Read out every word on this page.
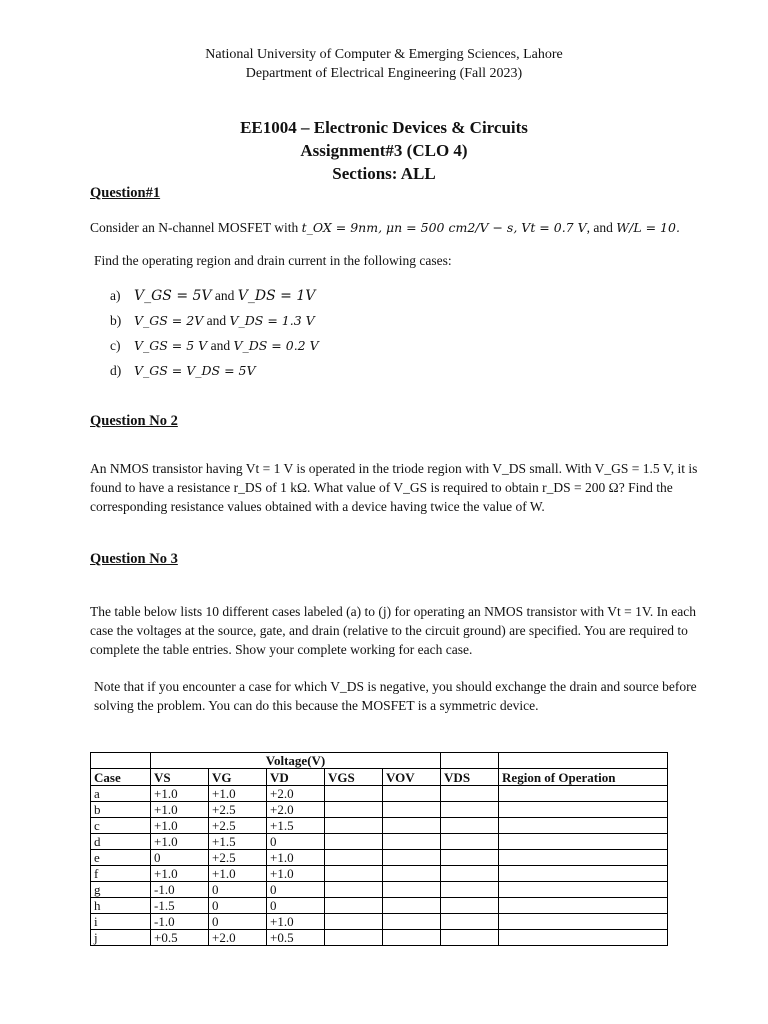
National University of Computer & Emerging Sciences, Lahore
Department of Electrical Engineering (Fall 2023)
EE1004 – Electronic Devices & Circuits
Assignment#3 (CLO 4)
Sections: ALL
Question#1
Consider an N-channel MOSFET with t_OX = 9nm, μn = 500 cm2/V − s, Vt = 0.7 V, and W/L = 10.
Find the operating region and drain current in the following cases:
a) V_GS = 5V and V_DS = 1V
b) V_GS = 2V and V_DS = 1.3 V
c) V_GS = 5 V and V_DS = 0.2 V
d) V_GS = V_DS = 5V
Question No 2
An NMOS transistor having Vt = 1 V is operated in the triode region with V_DS small. With V_GS = 1.5 V, it is found to have a resistance r_DS of 1 kΩ. What value of V_GS is required to obtain r_DS = 200 Ω? Find the corresponding resistance values obtained with a device having twice the value of W.
Question No 3
The table below lists 10 different cases labeled (a) to (j) for operating an NMOS transistor with Vt = 1V. In each case the voltages at the source, gate, and drain (relative to the circuit ground) are specified. You are required to complete the table entries. Show your complete working for each case.
Note that if you encounter a case for which V_DS is negative, you should exchange the drain and source before solving the problem. You can do this because the MOSFET is a symmetric device.
	Voltage(V)						
Case	VS	VG	VD	VGS	VOV	VDS	Region of Operation
a	+1.0	+1.0	+2.0				
b	+1.0	+2.5	+2.0				
c	+1.0	+2.5	+1.5				
d	+1.0	+1.5	0				
e	0	+2.5	+1.0				
f	+1.0	+1.0	+1.0				
g	-1.0	0	0				
h	-1.5	0	0				
i	-1.0	0	+1.0				
j	+0.5	+2.0	+0.5				
